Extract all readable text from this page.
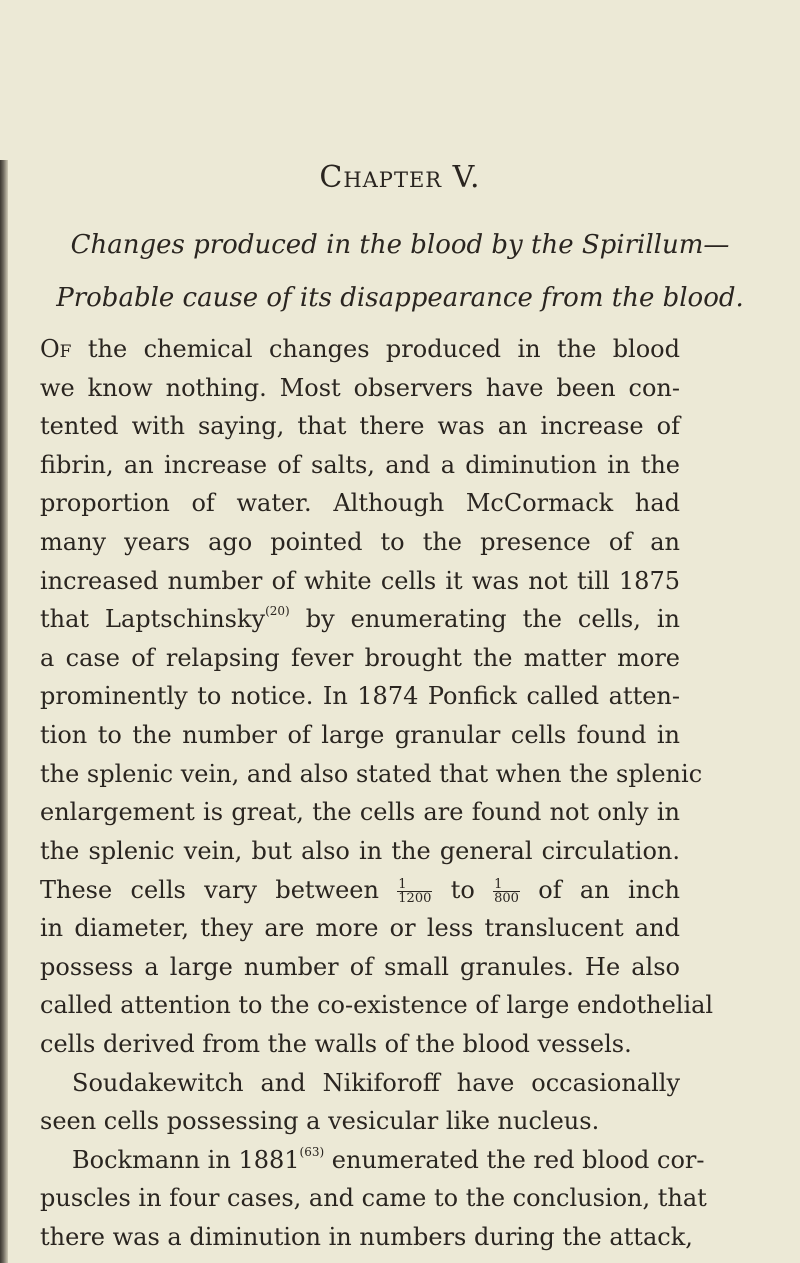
Chapter V.
Changes produced in the blood by the Spirillum—
Probable cause of its disappearance from the blood.
Of the chemical changes produced in the blood
we know nothing. Most observers have been con-
tented with saying, that there was an increase of
fibrin, an increase of salts, and a diminution in the
proportion of water. Although McCormack had
many years ago pointed to the presence of an
increased number of white cells it was not till 1875
that Laptschinsky$^{(20)}$ by enumerating the cells, in
a case of relapsing fever brought the matter more
prominently to notice. In 1874 Ponfick called atten-
tion to the number of large granular cells found in
the splenic vein, and also stated that when the splenic
enlargement is great, the cells are found not only in
the splenic vein, but also in the general circulation.
These cells vary between $\frac{1}{1200}$ to $\frac{1}{800}$ of an inch
in diameter, they are more or less translucent and
possess a large number of small granules. He also
called attention to the co-existence of large endothelial
cells derived from the walls of the blood vessels.
Soudakewitch and Nikiforoff have occasionally
seen cells possessing a vesicular like nucleus.
Bockmann in 1881$^{(63)}$ enumerated the red blood cor-
puscles in four cases, and came to the conclusion, that
there was a diminution in numbers during the attack,
